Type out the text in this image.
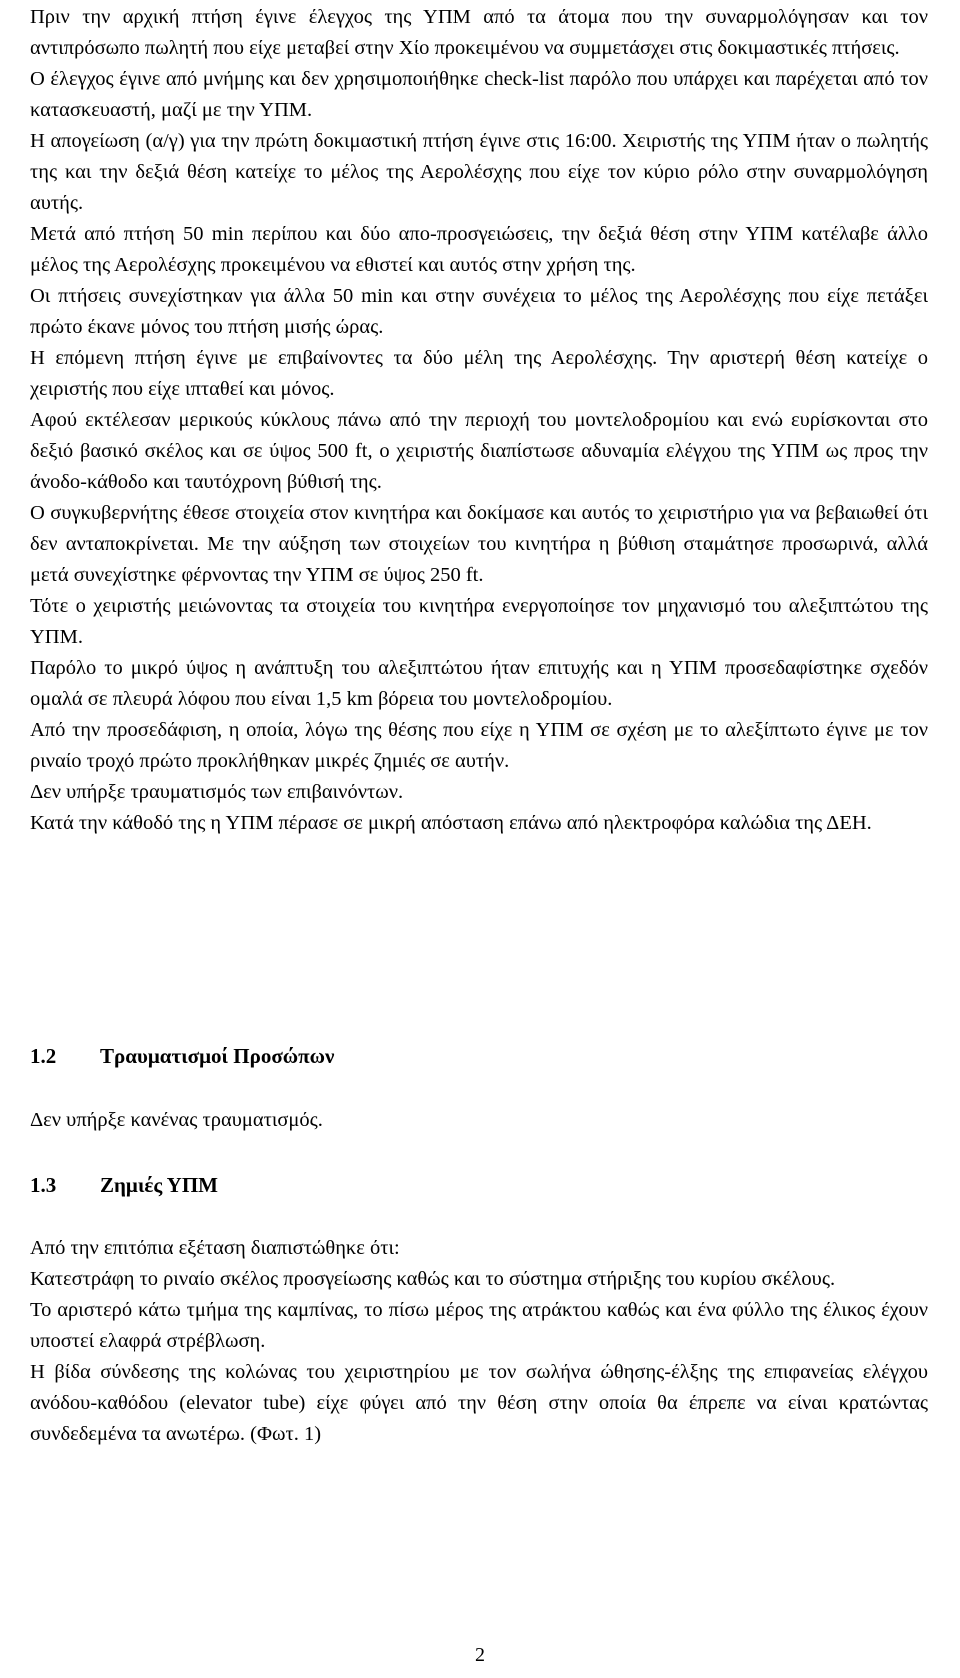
Πριν την αρχική πτήση έγινε έλεγχος της ΥΠΜ από τα άτομα που την συναρμολόγησαν και τον αντιπρόσωπο πωλητή που είχε μεταβεί στην Χίο προκειμένου να συμμετάσχει στις δοκιμαστικές πτήσεις.

Ο έλεγχος έγινε από μνήμης και δεν χρησιμοποιήθηκε check-list παρόλο που υπάρχει και παρέχεται από τον κατασκευαστή, μαζί με την ΥΠΜ.

Η απογείωση (α/γ) για την πρώτη δοκιμαστική πτήση έγινε στις 16:00. Χειριστής της ΥΠΜ ήταν ο πωλητής της και την δεξιά θέση κατείχε το μέλος της Αερολέσχης που είχε τον κύριο ρόλο στην συναρμολόγηση αυτής.

Μετά από πτήση 50 min περίπου και δύο απο-προσγειώσεις, την δεξιά θέση στην ΥΠΜ κατέλαβε άλλο μέλος της Αερολέσχης προκειμένου να εθιστεί και αυτός στην χρήση της.

Οι πτήσεις συνεχίστηκαν για άλλα 50 min και στην συνέχεια το μέλος της Αερολέσχης που είχε πετάξει πρώτο έκανε μόνος του πτήση μισής ώρας.

Η επόμενη πτήση έγινε με επιβαίνοντες τα δύο μέλη της Αερολέσχης. Την αριστερή θέση κατείχε ο χειριστής που είχε ιπταθεί και μόνος.

Αφού εκτέλεσαν μερικούς κύκλους πάνω από την περιοχή του μοντελοδρομίου και ενώ ευρίσκονται στο δεξιό βασικό σκέλος και σε ύψος 500 ft, ο χειριστής διαπίστωσε αδυναμία ελέγχου της ΥΠΜ ως προς την άνοδο-κάθοδο και ταυτόχρονη βύθισή της.

Ο συγκυβερνήτης έθεσε στοιχεία στον κινητήρα και δοκίμασε και αυτός το χειριστήριο για να βεβαιωθεί ότι δεν ανταποκρίνεται. Με την αύξηση των στοιχείων του κινητήρα η βύθιση σταμάτησε προσωρινά, αλλά μετά συνεχίστηκε φέρνοντας την ΥΠΜ σε ύψος 250 ft.

Τότε ο χειριστής μειώνοντας τα στοιχεία του κινητήρα ενεργοποίησε τον μηχανισμό του αλεξιπτώτου της ΥΠΜ.

Παρόλο το μικρό ύψος η ανάπτυξη του αλεξιπτώτου ήταν επιτυχής και η ΥΠΜ προσεδαφίστηκε σχεδόν ομαλά σε πλευρά λόφου που είναι 1,5 km βόρεια του μοντελοδρομίου.

Από την προσεδάφιση, η οποία, λόγω της θέσης που είχε η ΥΠΜ σε σχέση με το αλεξίπτωτο έγινε με τον ριναίο τροχό πρώτο προκλήθηκαν μικρές ζημιές σε αυτήν.

Δεν υπήρξε τραυματισμός των επιβαινόντων.

Κατά την κάθοδό της η ΥΠΜ πέρασε σε μικρή απόσταση επάνω από ηλεκτροφόρα καλώδια της ΔΕΗ.

1.2 Τραυματισμοί Προσώπων

Δεν υπήρξε κανένας τραυματισμός.

1.3 Ζημιές ΥΠΜ

Από την επιτόπια εξέταση διαπιστώθηκε ότι:

Κατεστράφη το ριναίο σκέλος προσγείωσης καθώς και το σύστημα στήριξης του κυρίου σκέλους.

Το αριστερό κάτω τμήμα της καμπίνας, το πίσω μέρος της ατράκτου καθώς και ένα φύλλο της έλικος έχουν υποστεί ελαφρά στρέβλωση.

Η βίδα σύνδεσης της κολώνας του χειριστηρίου με τον σωλήνα ώθησης-έλξης της επιφανείας ελέγχου ανόδου-καθόδου (elevator tube) είχε φύγει από την θέση στην οποία θα έπρεπε να είναι κρατώντας συνδεδεμένα τα ανωτέρω. (Φωτ. 1)

2
